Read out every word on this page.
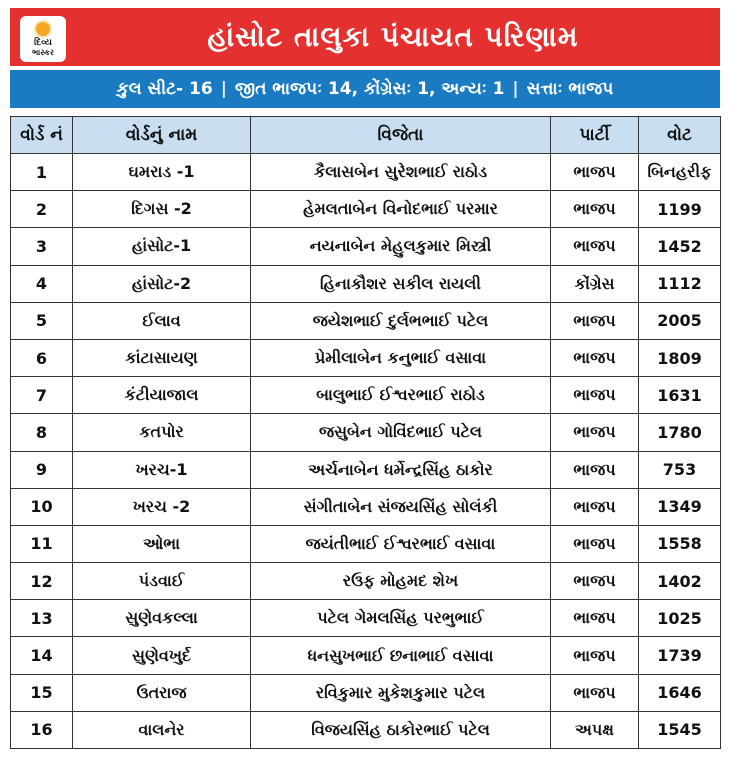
દિવ્ય
ભાસ્કર	હાંસોટ તાલુકા પંચાયત પરિણામ
કુલ સીટ- 16 | જીત ભાજપઃ 14, કોંગ્રેસઃ 1, અન્યઃ 1 | સત્તાઃ ભાજપ
વોર્ડ નં	વોર્ડનું નામ	વિજેતા	પાર્ટી	વોટ
1	ઘમરાડ -1	કૈલાસબેન સુરેશભાઈ રાઠોડ	ભાજપ	બિનહરીફ
2	દિગસ -2	હેમલતાબેન વિનોદભાઈ પરમાર	ભાજપ	1199
3	હાંસોટ-1	નયનાબેન મેહુલકુમાર મિસ્ત્રી	ભાજપ	1452
4	હાંસોટ-2	હિનાકૌશર સકીલ રાયલી	કોંગ્રેસ	1112
5	ઈલાવ	જયેશભાઈ દુર્લભભાઈ પટેલ	ભાજપ	2005
6	કાંટાસાયણ	પ્રેમીલાબેન કનુભાઈ વસાવા	ભાજપ	1809
7	કંટીયાજાલ	બાલુભાઈ ઈશ્વરભાઈ રાઠોડ	ભાજપ	1631
8	કતપોર	જસુબેન ગોવિંદભાઈ પટેલ	ભાજપ	1780
9	ખરચ-1	અર્ચનાબેન ધર્મેન્દ્રસિંહ ઠાકોર	ભાજપ	753
10	ખરચ -2	સંગીતાબેન સંજયસિંહ સોલંકી	ભાજપ	1349
11	ઓભા	જયંતીભાઈ ઈશ્વરભાઈ વસાવા	ભાજપ	1558
12	પંડવાઈ	રઉફ મોહમદ શેખ	ભાજપ	1402
13	સુણેવકલ્લા	પટેલ ગેમલસિંહ પરભુભાઈ	ભાજપ	1025
14	સુણેવખુર્દ	ધનસુખભાઈ છનાભાઈ વસાવા	ભાજપ	1739
15	ઉતરાજ	રવિકુમાર મુકેશકુમાર પટેલ	ભાજપ	1646
16	વાલનેર	વિજયસિંહ ઠાકોરભાઈ પટેલ	અપક્ષ	1545
